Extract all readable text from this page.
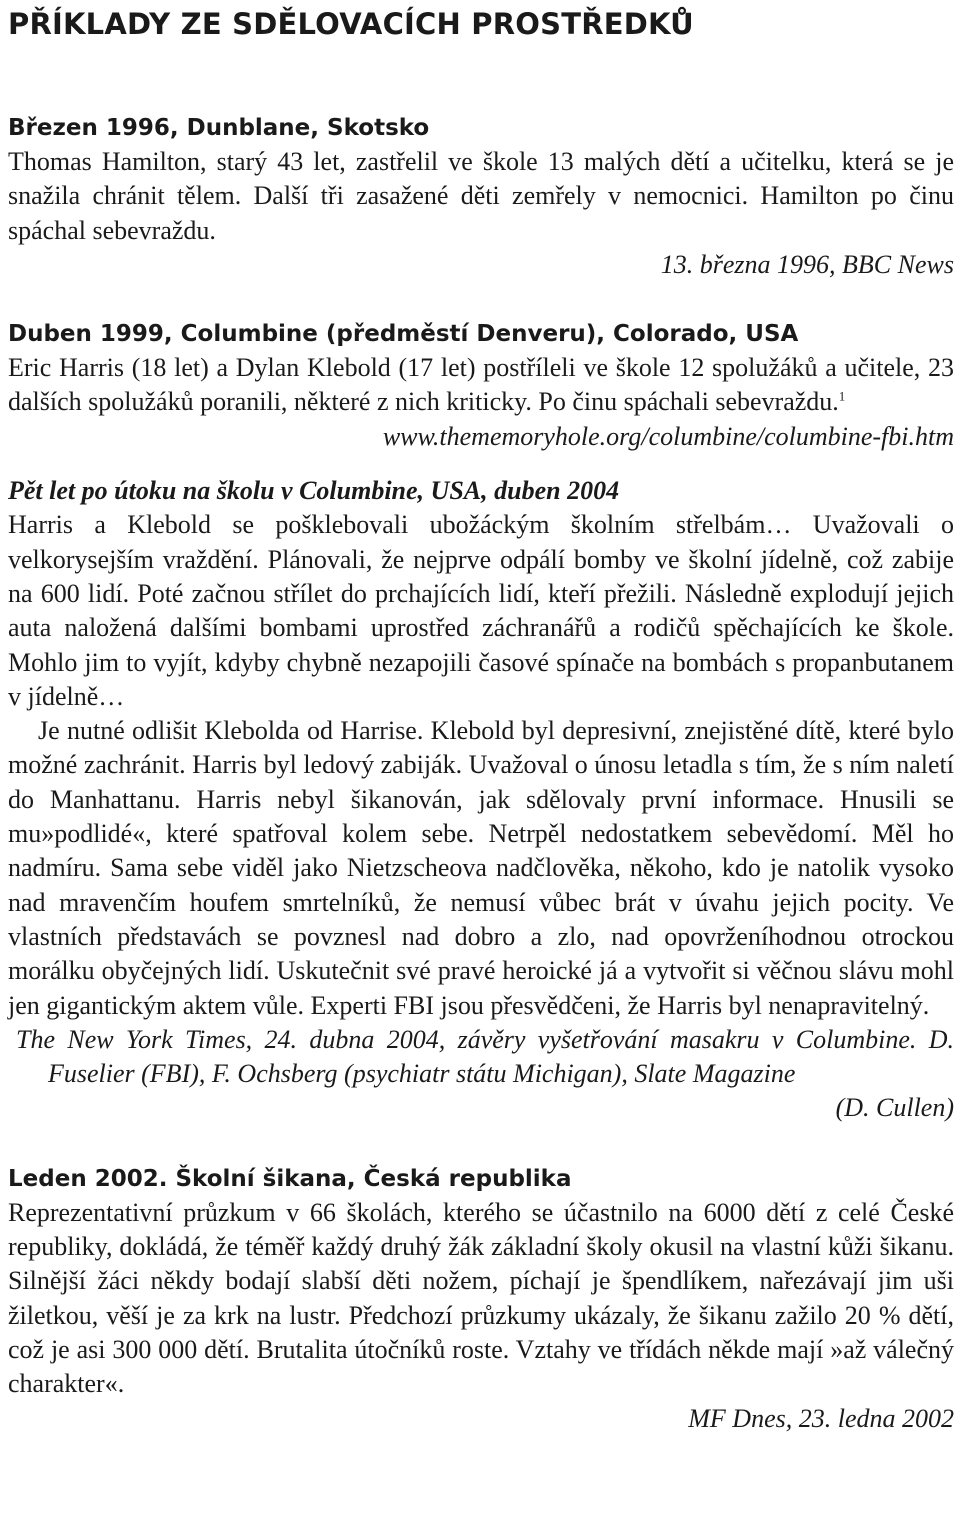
PŘÍKLADY ZE SDĚLOVACÍCH PROSTŘEDKŮ
Březen 1996, Dunblane, Skotsko

Thomas Hamilton, starý 43 let, zastřelil ve škole 13 malých dětí a učitelku, která se je snažila chránit tělem. Další tři zasažené děti zemřely v nemocnici. Hamilton po činu spáchal sebevraždu.

13. března 1996, BBC News

Duben 1999, Columbine (předměstí Denveru), Colorado, USA

Eric Harris (18 let) a Dylan Klebold (17 let) postříleli ve škole 12 spolužáků a učitele, 23 dalších spolužáků poranili, některé z nich kriticky. Po činu spáchali sebevraždu.$^1$

www.thememoryhole.org/columbine/columbine-fbi.htm

Pět let po útoku na školu v Columbine, USA, duben 2004

Harris a Klebold se pošklebovali ubožáckým školním střelbám… Uvažovali o velkorysejším vraždění. Plánovali, že nejprve odpálí bomby ve školní jídelně, což zabije na 600 lidí. Poté začnou střílet do prchajících lidí, kteří přežili. Následně explodují jejich auta naložená dalšími bombami uprostřed záchranářů a rodičů spěchajících ke škole. Mohlo jim to vyjít, kdyby chybně nezapojili časové spínače na bombách s propanbutanem v jídelně…

Je nutné odlišit Klebolda od Harrise. Klebold byl depresivní, znejistěné dítě, které bylo možné zachránit. Harris byl ledový zabiják. Uvažoval o únosu letadla s tím, že s ním naletí do Manhattanu. Harris nebyl šikanován, jak sdělovaly první informace. Hnusili se mu»podlidé«, které spatřoval kolem sebe. Netrpěl nedostatkem sebevědomí. Měl ho nadmíru. Sama sebe viděl jako Nietzscheova nadčlověka, někoho, kdo je natolik vysoko nad mravenčím houfem smrtelníků, že nemusí vůbec brát v úvahu jejich pocity. Ve vlastních představách se povznesl nad dobro a zlo, nad opovrženíhodnou otrockou morálku obyčejných lidí. Uskutečnit své pravé heroické já a vytvořit si věčnou slávu mohl jen gigantickým aktem vůle. Experti FBI jsou přesvědčeni, že Harris byl nenapravitelný.

The New York Times, 24. dubna 2004, závěry vyšetřování masakru v Columbine. D. Fuselier (FBI), F. Ochsberg (psychiatr státu Michigan), Slate Magazine
(D. Cullen)

Leden 2002. Školní šikana, Česká republika

Reprezentativní průzkum v 66 školách, kterého se účastnilo na 6000 dětí z celé České republiky, dokládá, že téměř každý druhý žák základní školy okusil na vlastní kůži šikanu. Silnější žáci někdy bodají slabší děti nožem, píchají je špendlíkem, nařezávají jim uši žiletkou, věší je za krk na lustr. Předchozí průzkumy ukázaly, že šikanu zažilo 20 % dětí, což je asi 300 000 dětí. Brutalita útočníků roste. Vztahy ve třídách někde mají »až válečný charakter«.

MF Dnes, 23. ledna 2002
